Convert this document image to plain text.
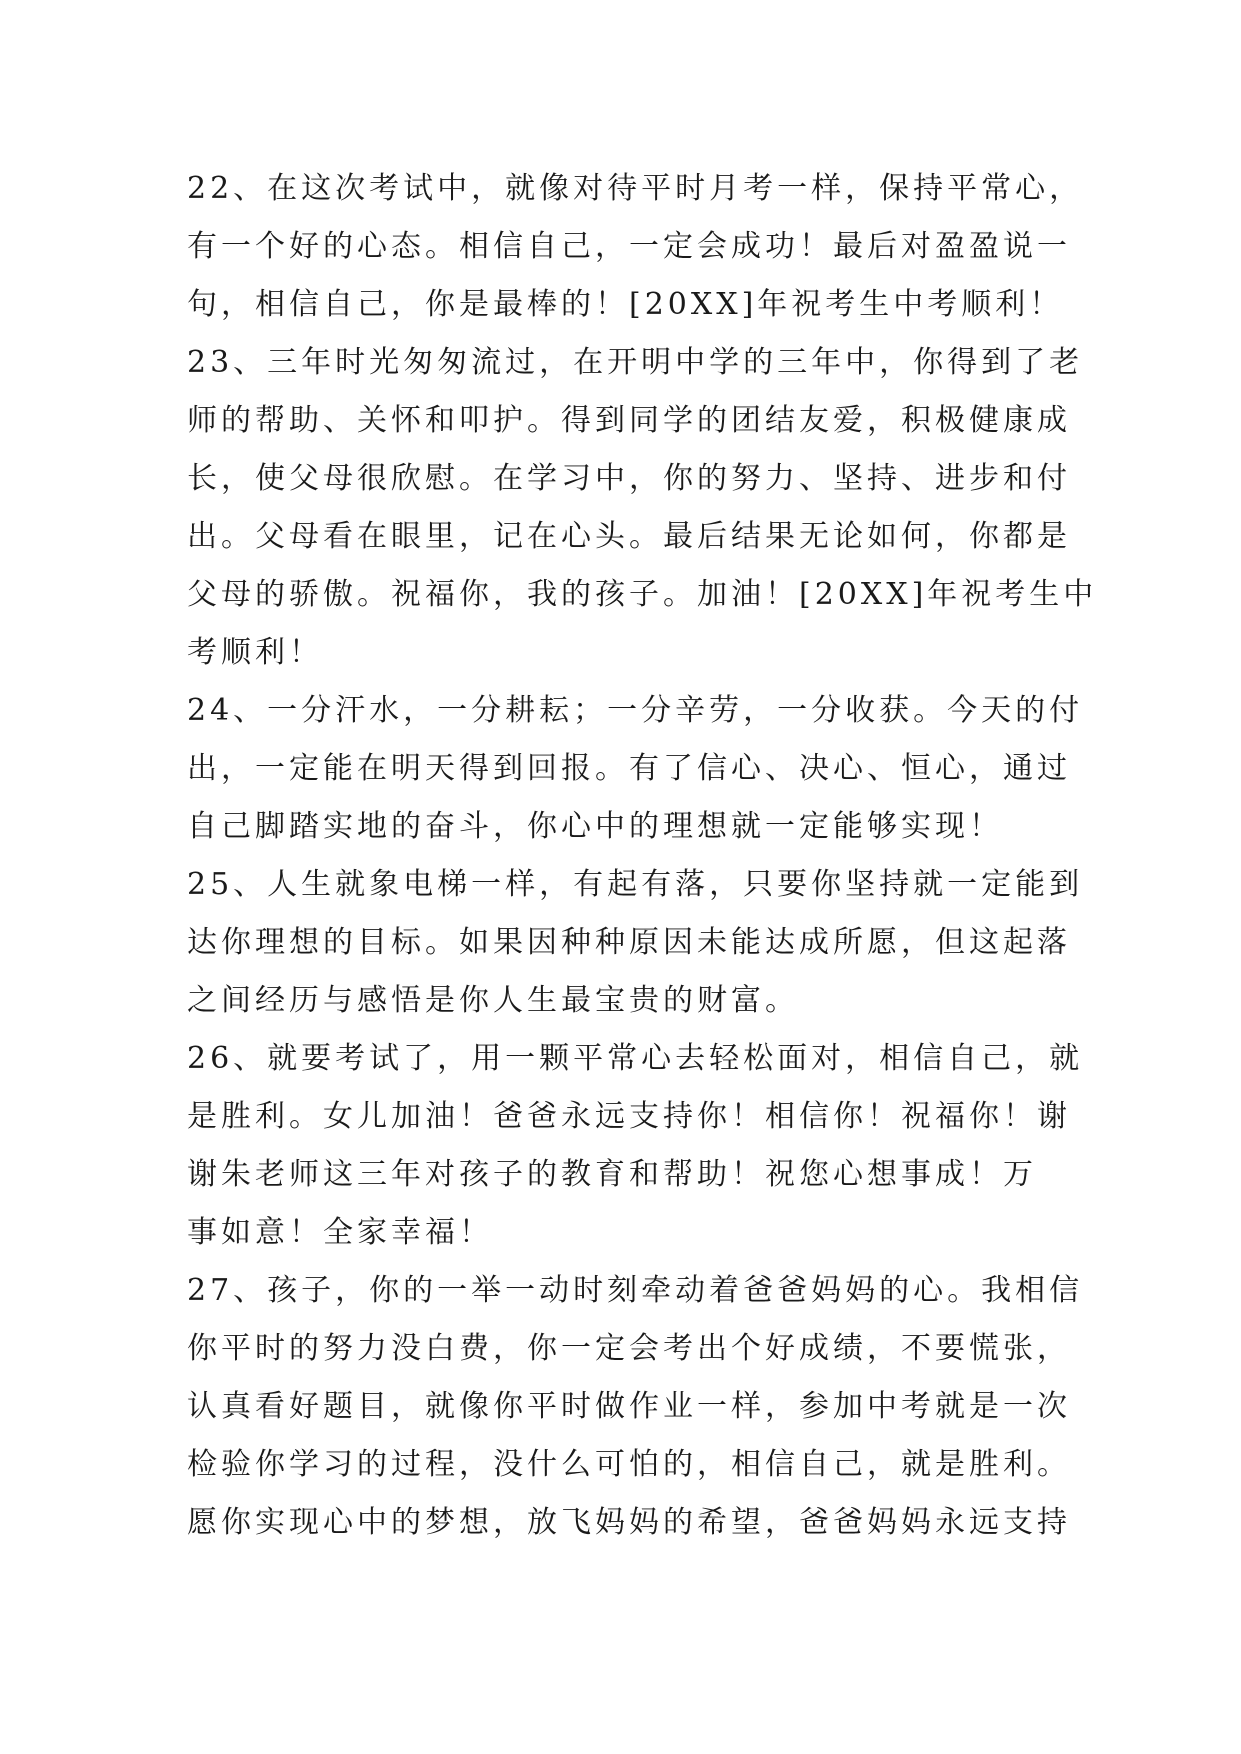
22、在这次考试中，就像对待平时月考一样，保持平常心，
有一个好的心态。相信自己，一定会成功！最后对盈盈说一
句，相信自己，你是最棒的！[20XX]年祝考生中考顺利！
23、三年时光匆匆流过，在开明中学的三年中，你得到了老
师的帮助、关怀和叩护。得到同学的团结友爱，积极健康成
长，使父母很欣慰。在学习中，你的努力、坚持、进步和付
出。父母看在眼里，记在心头。最后结果无论如何，你都是
父母的骄傲。祝福你，我的孩子。加油！[20XX]年祝考生中
考顺利！
24、一分汗水，一分耕耘；一分辛劳，一分收获。今天的付
出，一定能在明天得到回报。有了信心、决心、恒心，通过
自己脚踏实地的奋斗，你心中的理想就一定能够实现！
25、人生就象电梯一样，有起有落，只要你坚持就一定能到
达你理想的目标。如果因种种原因未能达成所愿，但这起落
之间经历与感悟是你人生最宝贵的财富。
26、就要考试了，用一颗平常心去轻松面对，相信自己，就
是胜利。女儿加油！爸爸永远支持你！相信你！祝福你！谢
谢朱老师这三年对孩子的教育和帮助！祝您心想事成！万
事如意！全家幸福！
27、孩子，你的一举一动时刻牵动着爸爸妈妈的心。我相信
你平时的努力没白费，你一定会考出个好成绩，不要慌张，
认真看好题目，就像你平时做作业一样，参加中考就是一次
检验你学习的过程，没什么可怕的，相信自己，就是胜利。
愿你实现心中的梦想，放飞妈妈的希望，爸爸妈妈永远支持
